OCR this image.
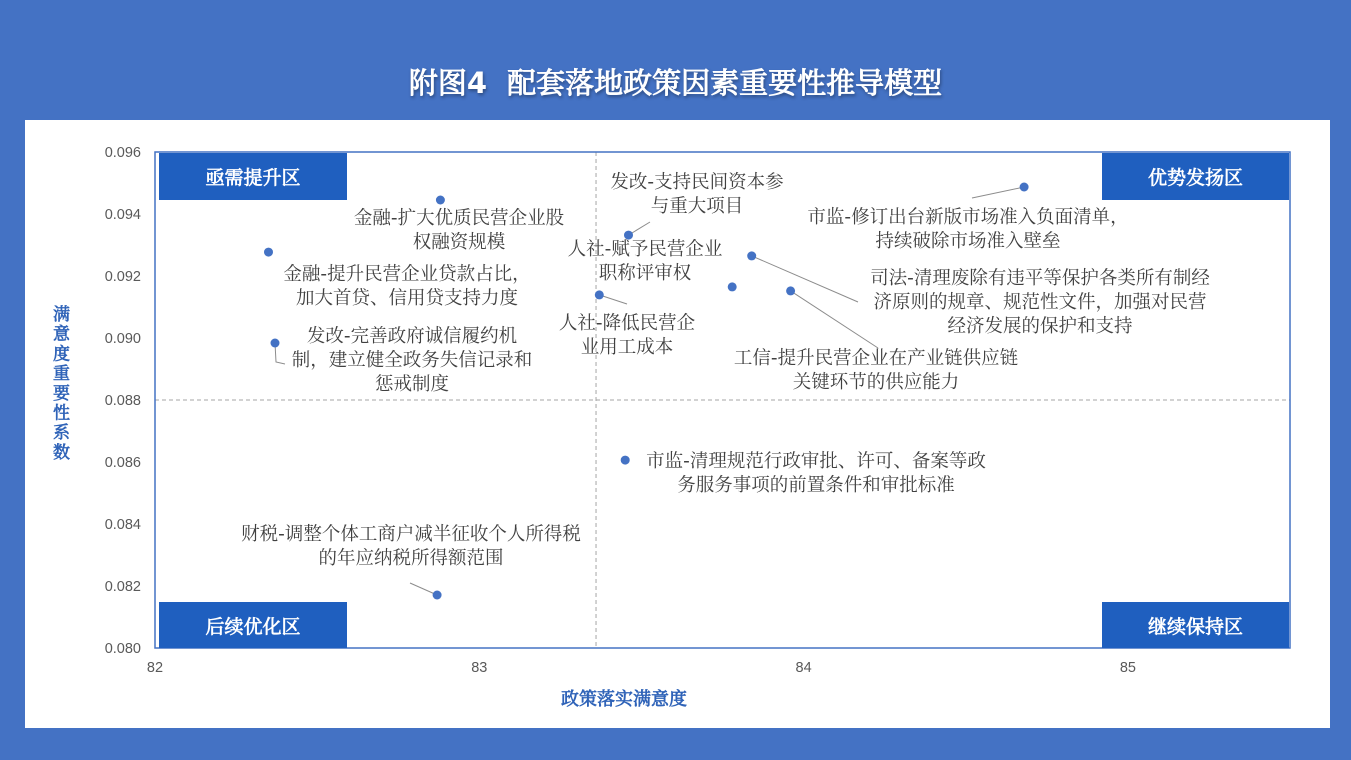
附图4  配套落地政策因素重要性推导模型
0.080
0.082
0.084
0.086
0.088
0.090
0.092
0.094
0.096
82	83	84	85
金融-扩大优质民营企业股
权融资规模
金融-提升民营企业贷款占比，
加大首贷、信用贷支持力度
发改-完善政府诚信履约机
制，建立健全政务失信记录和
惩戒制度
发改-支持民间资本参
与重大项目
人社-赋予民营企业
职称评审权
人社-降低民营企
业用工成本
市监-修订出台新版市场准入负面清单，
持续破除市场准入壁垒
司法-清理废除有违平等保护各类所有制经
济原则的规章、规范性文件，加强对民营
经济发展的保护和支持
工信-提升民营企业在产业链供应链
关键环节的供应能力
市监-清理规范行政审批、许可、备案等政
务服务事项的前置条件和审批标准
财税-调整个体工商户减半征收个人所得税
的年应纳税所得额范围
亟需提升区	优势发扬区
后续优化区	继续保持区
满意度重要性系数
政策落实满意度
